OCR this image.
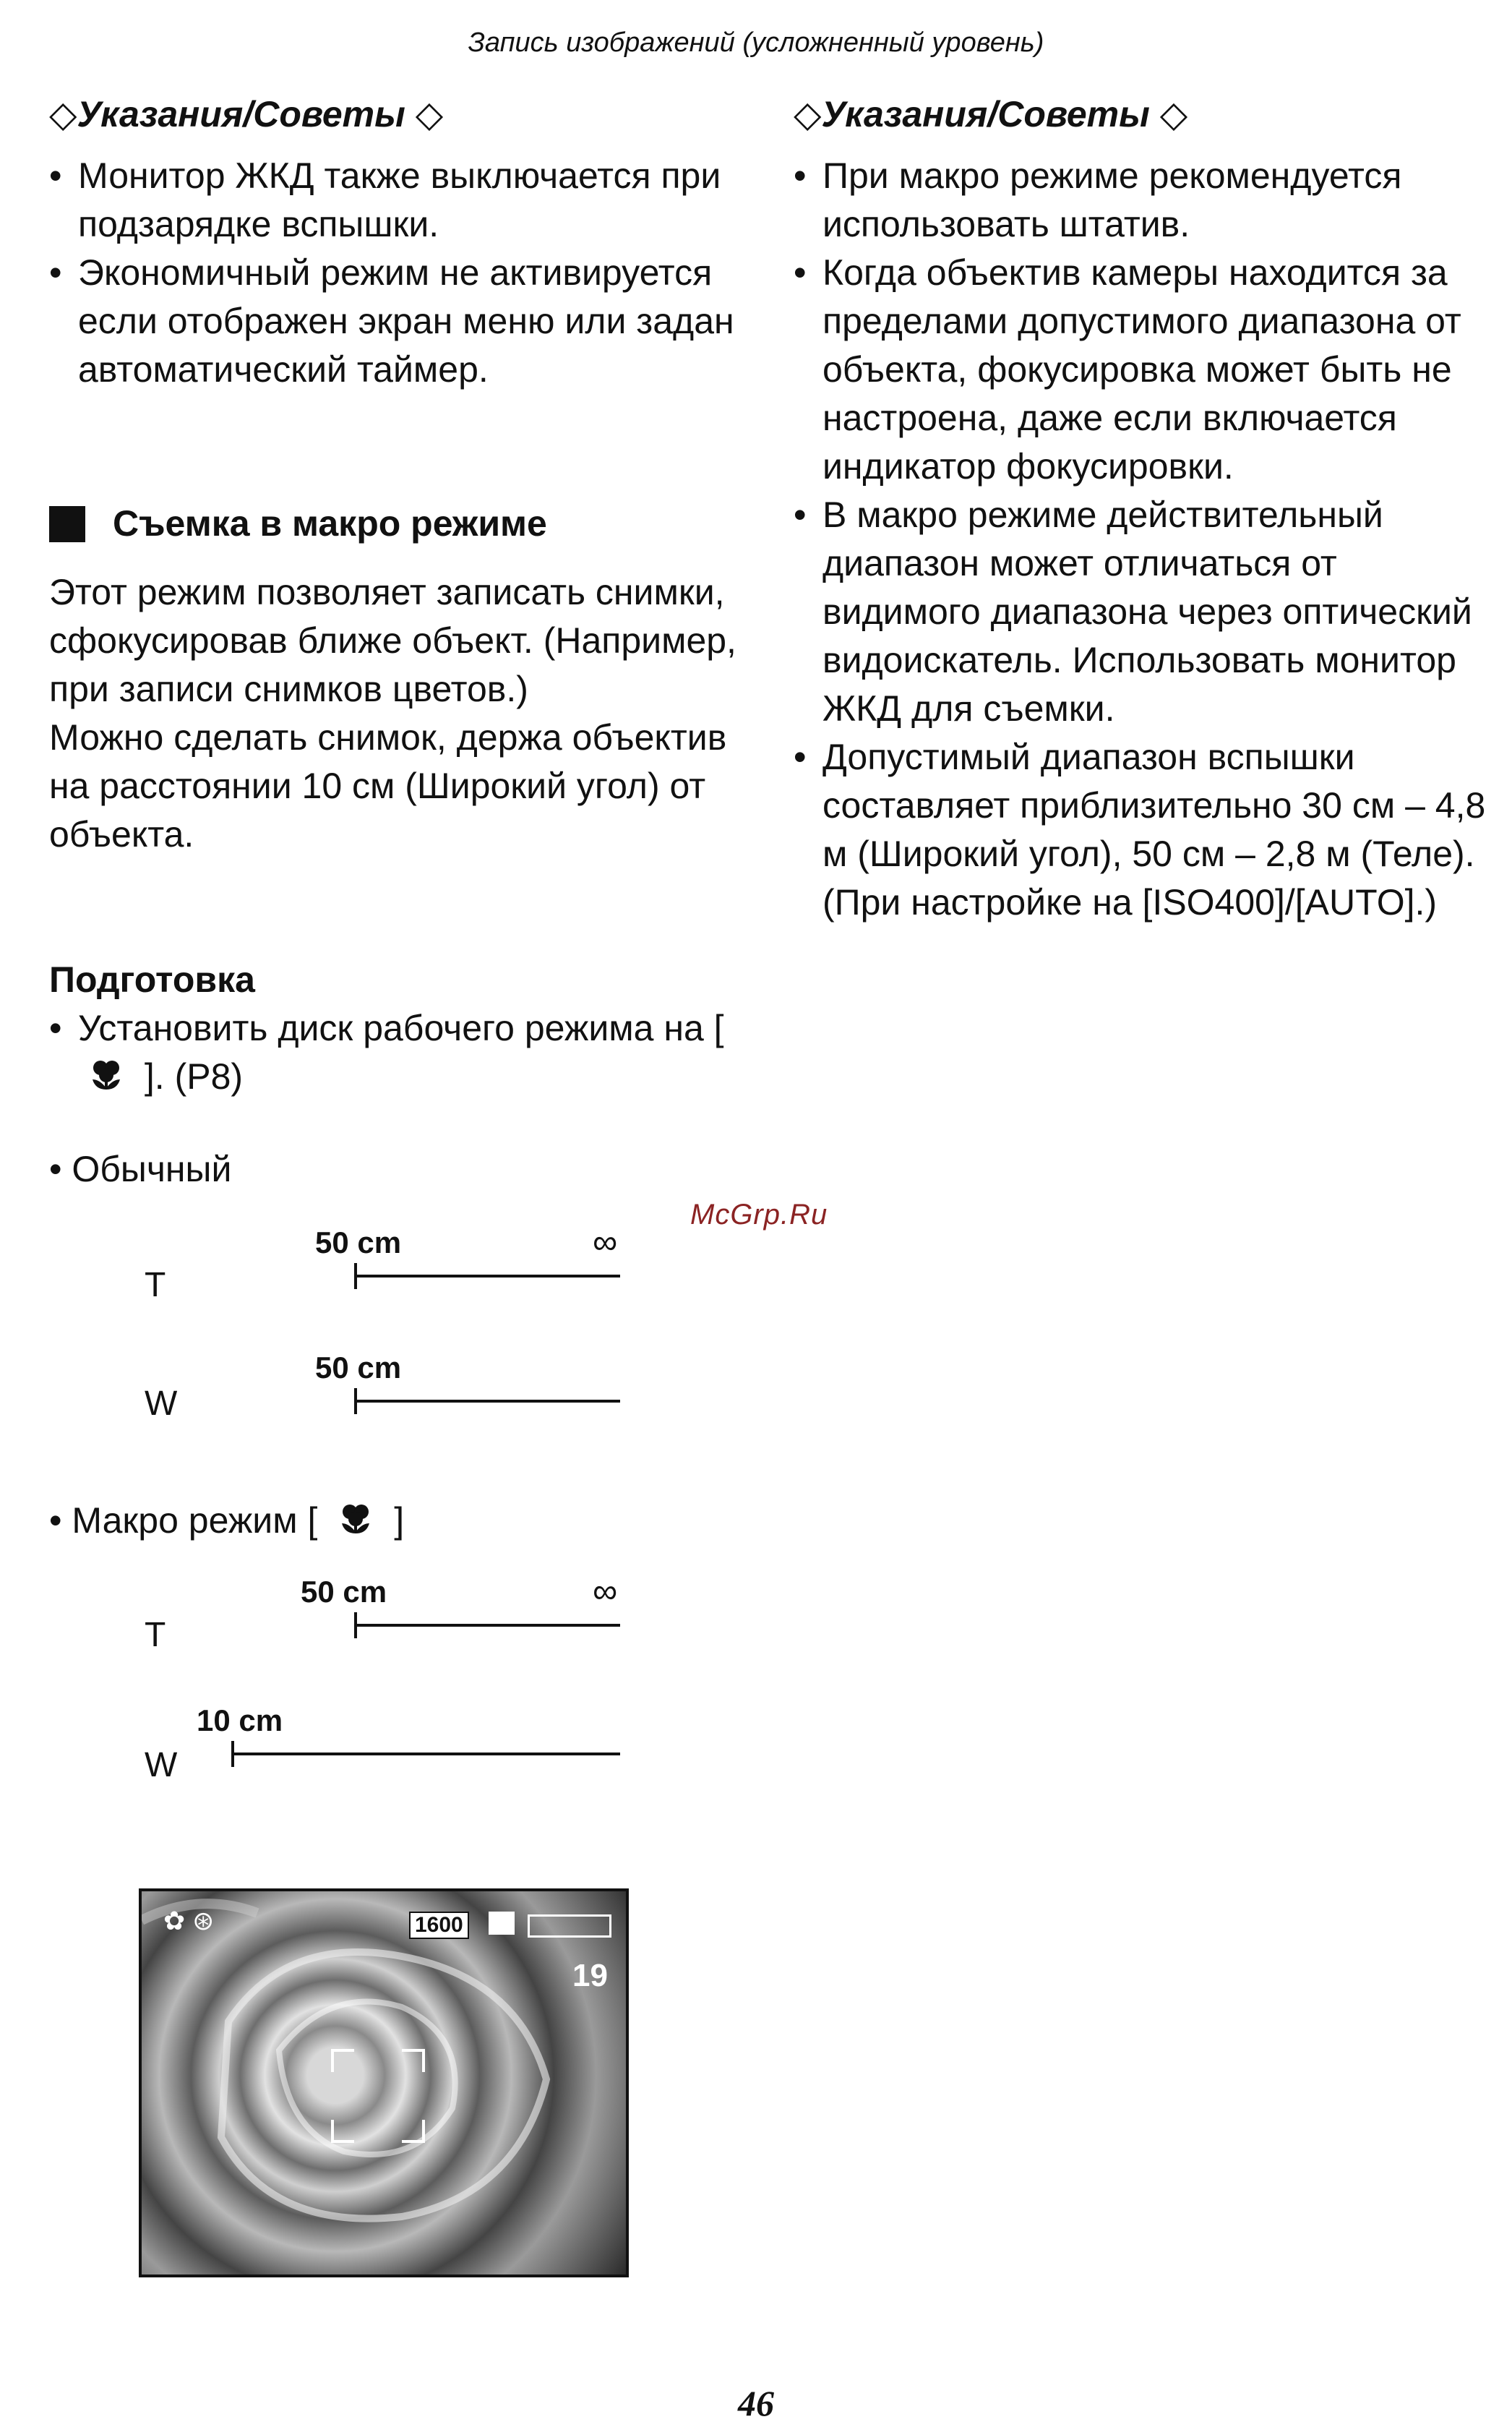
Запись изображений (усложненный уровень)
◇Указания/Советы ◇
• Монитор ЖКД также выключается при подзарядке вспышки.
• Экономичный режим не активируется если отображен экран меню или задан автоматический таймер.
Съемка в макро режиме

Этот режим позволяет записать снимки, сфокусировав ближе объект. (Например, при записи снимков цветов.)

Можно сделать снимок, держа объектив на расстоянии 10 см (Широкий угол) от объекта.

Подготовка
• Установить диск рабочего режима на [  ]. (P8)
• Обычный
T
50 cm	∞
W
50 cm
• Макро режим [ ]
T
50 cm	∞
W
10 cm
✿ ⊛	1600
19
◇Указания/Советы ◇
• При макро режиме рекомендуется использовать штатив.
• Когда объектив камеры находится за пределами допустимого диапазона от объекта, фокусировка может быть не настроена, даже если включается индикатор фокусировки.
• В макро режиме действительный диапазон может отличаться от видимого диапазона через оптический видоискатель. Использовать монитор ЖКД для съемки.
• Допустимый диапазон вспышки составляет приблизительно 30 см – 4,8 м (Широкий угол), 50 см – 2,8 м (Теле). (При настройке на [ISO400]/[AUTO].)
McGrp.Ru
46
